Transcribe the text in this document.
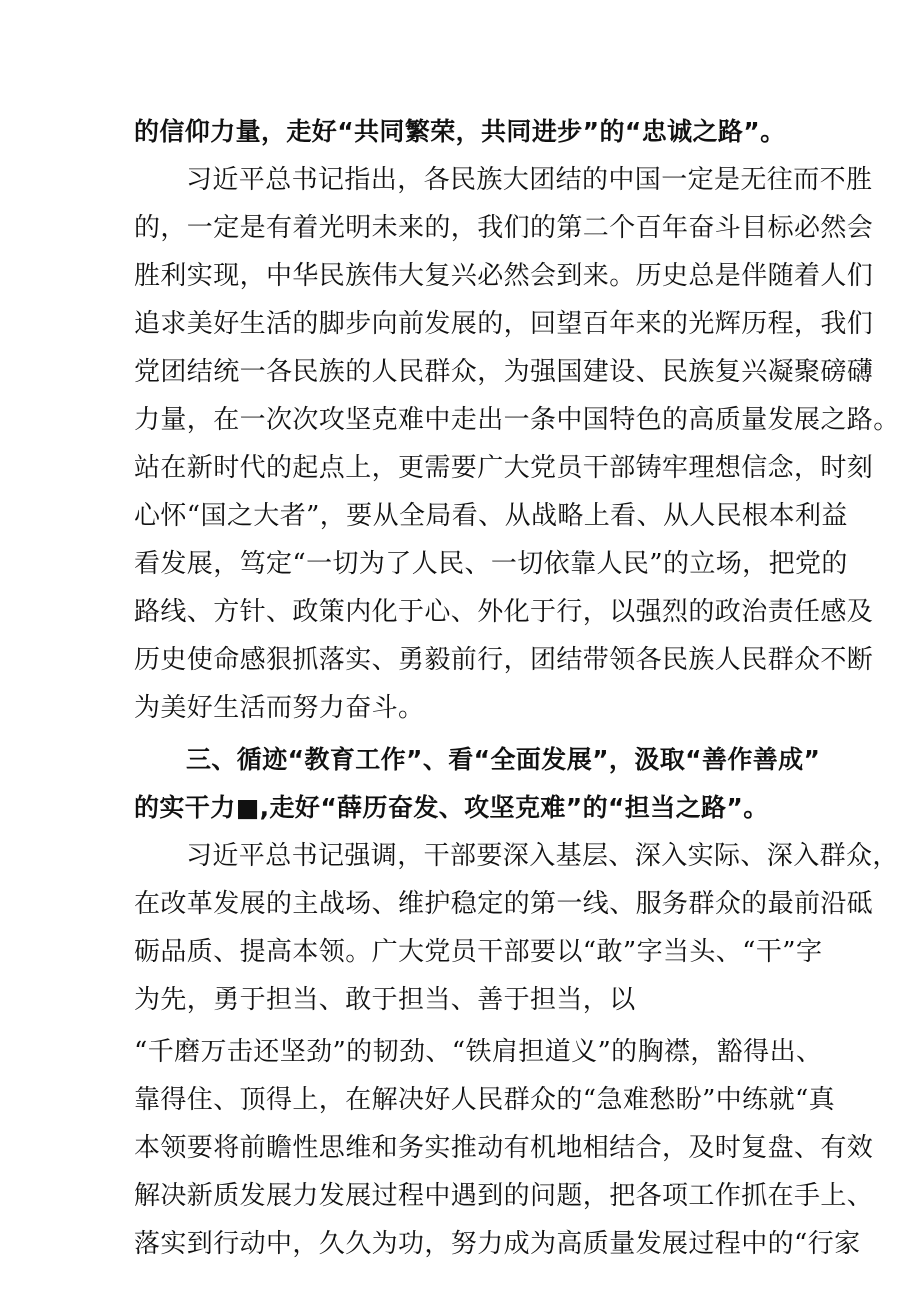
的信仰力量，走好“共同繁荣，共同进步”的“忠诚之路”。
习近平总书记指出，各民族大团结的中国一定是无往而不胜
的，一定是有着光明未来的，我们的第二个百年奋斗目标必然会
胜利实现，中华民族伟大复兴必然会到来。历史总是伴随着人们
追求美好生活的脚步向前发展的，回望百年来的光辉历程，我们
党团结统一各民族的人民群众，为强国建设、民族复兴凝聚磅礴
力量，在一次次攻坚克难中走出一条中国特色的高质量发展之路。
站在新时代的起点上，更需要广大党员干部铸牢理想信念，时刻
心怀“国之大者”，要从全局看、从战略上看、从人民根本利益
看发展，笃定“一切为了人民、一切依靠人民”的立场，把党的
路线、方针、政策内化于心、外化于行，以强烈的政治责任感及
历史使命感狠抓落实、勇毅前行，团结带领各民族人民群众不断
为美好生活而努力奋斗。
三、循迹“教育工作”、看“全面发展”，汲取“善作善成”
的实干力■,走好“薛历奋发、攻坚克难”的“担当之路”。
习近平总书记强调，干部要深入基层、深入实际、深入群众，
在改革发展的主战场、维护稳定的第一线、服务群众的最前沿砥
砺品质、提高本领。广大党员干部要以“敢”字当头、“干”字
为先，勇于担当、敢于担当、善于担当，以
“千磨万击还坚劲”的韧劲、“铁肩担道义”的胸襟，豁得出、
靠得住、顶得上，在解决好人民群众的“急难愁盼”中练就“真
本领要将前瞻性思维和务实推动有机地相结合，及时复盘、有效
解决新质发展力发展过程中遇到的问题，把各项工作抓在手上、
落实到行动中，久久为功，努力成为高质量发展过程中的“行家
